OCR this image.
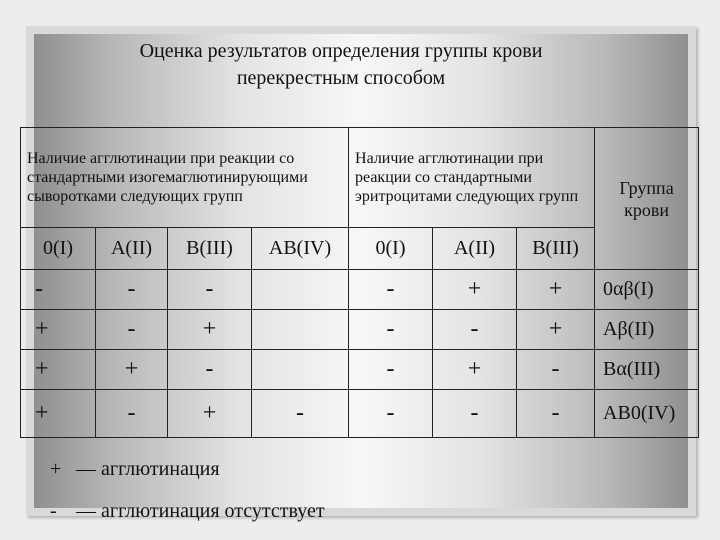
Оценка результатов определения группы крови
перекрестным способом
Наличие агглютинации при реакции со стандартными изогемаглютинирующими сыворотками следующих групп				Наличие агглютинации при реакции со стандартными эритроцитами следующих групп			Группа крови
0(I)	A(II)	B(III)	AB(IV)	0(I)	A(II)	B(III)	
-	-	-		-	+	+	0αβ(I)
+	-	+		-	-	+	Aβ(II)
+	+	-		-	+	-	Bα(III)
+	-	+	-	-	-	-	AB0(IV)
+ — агглютинация
- — агглютинация отсутствует
